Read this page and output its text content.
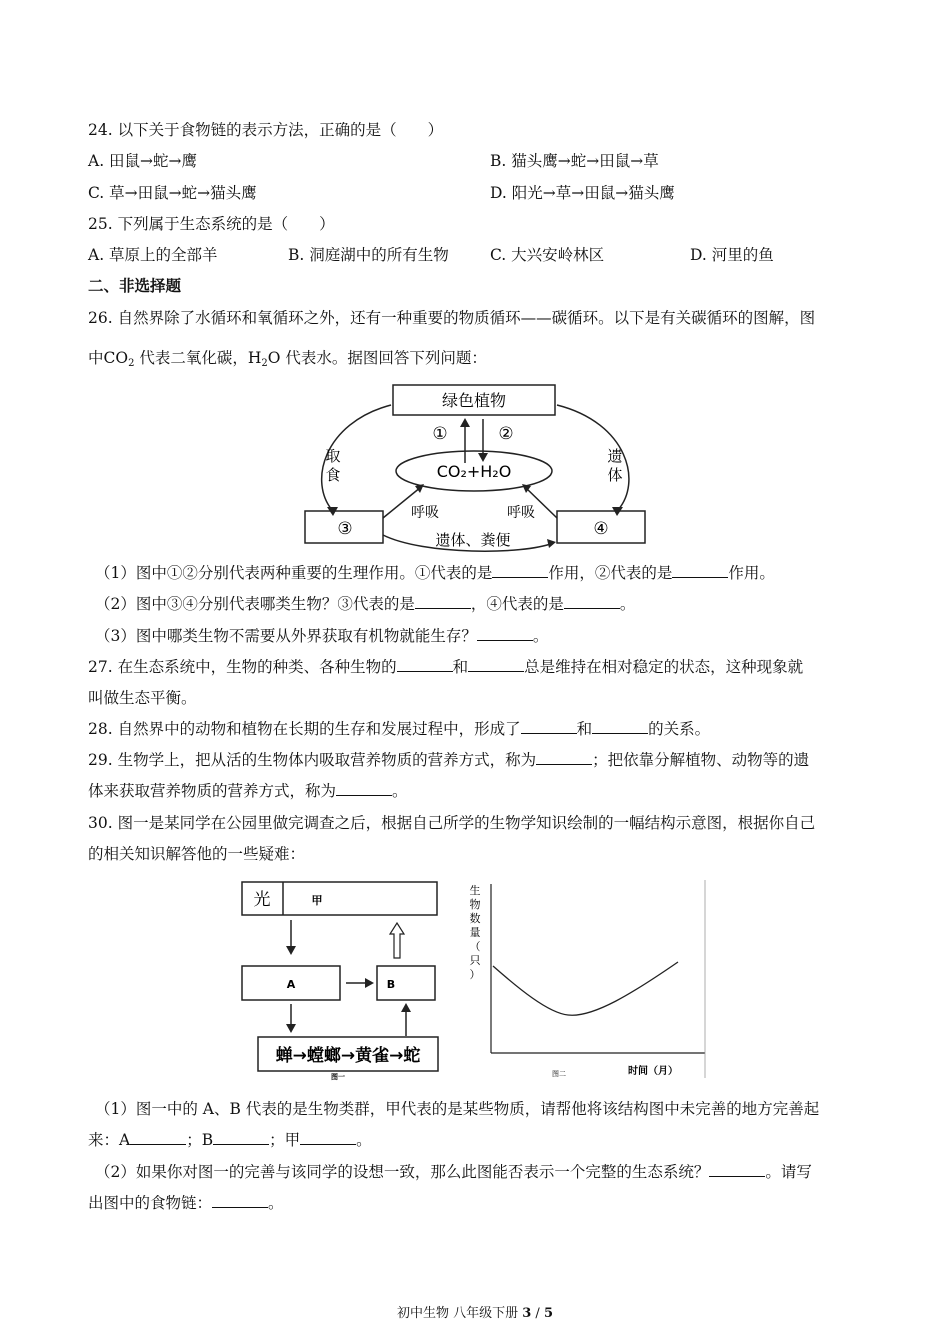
24. 以下关于食物链的表示方法，正确的是（　　）
A. 田鼠→蛇→鹰	B. 猫头鹰→蛇→田鼠→草
C. 草→田鼠→蛇→猫头鹰	D. 阳光→草→田鼠→猫头鹰
25. 下列属于生态系统的是（　　）
A. 草原上的全部羊	B. 洞庭湖中的所有生物	C. 大兴安岭林区	D. 河里的鱼
二、非选择题
26. 自然界除了水循环和氧循环之外，还有一种重要的物质循环——碳循环。以下是有关碳循环的图解，图
中$CO_2$ 代表二氧化碳，$H_2O$ 代表水。据图回答下列问题：
绿色植物
①	②
CO₂+H₂O
取
食
遗
体
③	④
呼吸	呼吸
遗体、粪便
（1）图中①②分别代表两种重要的生理作用。①代表的是	作用，②代表的是	作用。
（2）图中③④分别代表哪类生物？③代表的是	，④代表的是	。
（3）图中哪类生物不需要从外界获取有机物就能生存？	。
27. 在生态系统中，生物的种类、各种生物的	和	总是维持在相对稳定的状态，这种现象就
叫做生态平衡。
28. 自然界中的动物和植物在长期的生存和发展过程中，形成了	和	的关系。
29. 生物学上，把从活的生物体内吸取营养物质的营养方式，称为	；把依靠分解植物、动物等的遗
体来获取营养物质的营养方式，称为	。
30. 图一是某同学在公园里做完调查之后，根据自己所学的生物学知识绘制的一幅结构示意图，根据你自己
的相关知识解答他的一些疑难：
光	甲
A	B
蝉→螳螂→黄雀→蛇
图一
生
物
数
量
（
只
）
时间（月）
图二
（1）图一中的 A、B 代表的是生物类群，甲代表的是某些物质，请帮他将该结构图中未完善的地方完善起
来：A	；B	；甲	。
（2）如果你对图一的完善与该同学的设想一致，那么此图能否表示一个完整的生态系统？	。请写
出图中的食物链：	。
初中生物 八年级下册 3 / 5
